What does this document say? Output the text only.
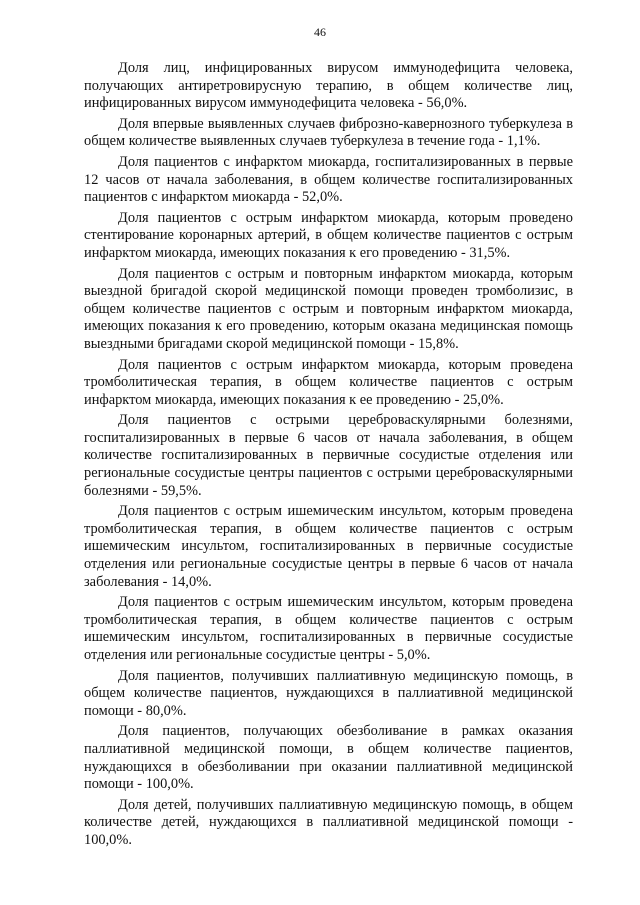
46

Доля лиц, инфицированных вирусом иммунодефицита человека, получающих антиретровирусную терапию, в общем количестве лиц, инфицированных вирусом иммунодефицита человека - 56,0%.

Доля впервые выявленных случаев фиброзно-кавернозного туберкулеза в общем количестве выявленных случаев туберкулеза в течение года - 1,1%.

Доля пациентов с инфарктом миокарда, госпитализированных в первые 12 часов от начала заболевания, в общем количестве госпитализированных пациентов с инфарктом миокарда - 52,0%.

Доля пациентов с острым инфарктом миокарда, которым проведено стентирование коронарных артерий, в общем количестве пациентов с острым инфарктом миокарда, имеющих показания к его проведению - 31,5%.

Доля пациентов с острым и повторным инфарктом миокарда, которым выездной бригадой скорой медицинской помощи проведен тромболизис, в общем количестве пациентов с острым и повторным инфарктом миокарда, имеющих показания к его проведению, которым оказана медицинская помощь выездными бригадами скорой медицинской помощи - 15,8%.

Доля пациентов с острым инфарктом миокарда, которым проведена тромболитическая терапия, в общем количестве пациентов с острым инфарктом миокарда, имеющих показания к ее проведению - 25,0%.

Доля пациентов с острыми цереброваскулярными болезнями, госпитализированных в первые 6 часов от начала заболевания, в общем количестве госпитализированных в первичные сосудистые отделения или региональные сосудистые центры пациентов с острыми цереброваскулярными болезнями - 59,5%.

Доля пациентов с острым ишемическим инсультом, которым проведена тромболитическая терапия, в общем количестве пациентов с острым ишемическим инсультом, госпитализированных в первичные сосудистые отделения или региональные сосудистые центры в первые 6 часов от начала заболевания - 14,0%.

Доля пациентов с острым ишемическим инсультом, которым проведена тромболитическая терапия, в общем количестве пациентов с острым ишемическим инсультом, госпитализированных в первичные сосудистые отделения или региональные сосудистые центры - 5,0%.

Доля пациентов, получивших паллиативную медицинскую помощь, в общем количестве пациентов, нуждающихся в паллиативной медицинской помощи - 80,0%.

Доля пациентов, получающих обезболивание в рамках оказания паллиативной медицинской помощи, в общем количестве пациентов, нуждающихся в обезболивании при оказании паллиативной медицинской помощи - 100,0%.

Доля детей, получивших паллиативную медицинскую помощь, в общем количестве детей, нуждающихся в паллиативной медицинской помощи - 100,0%.
